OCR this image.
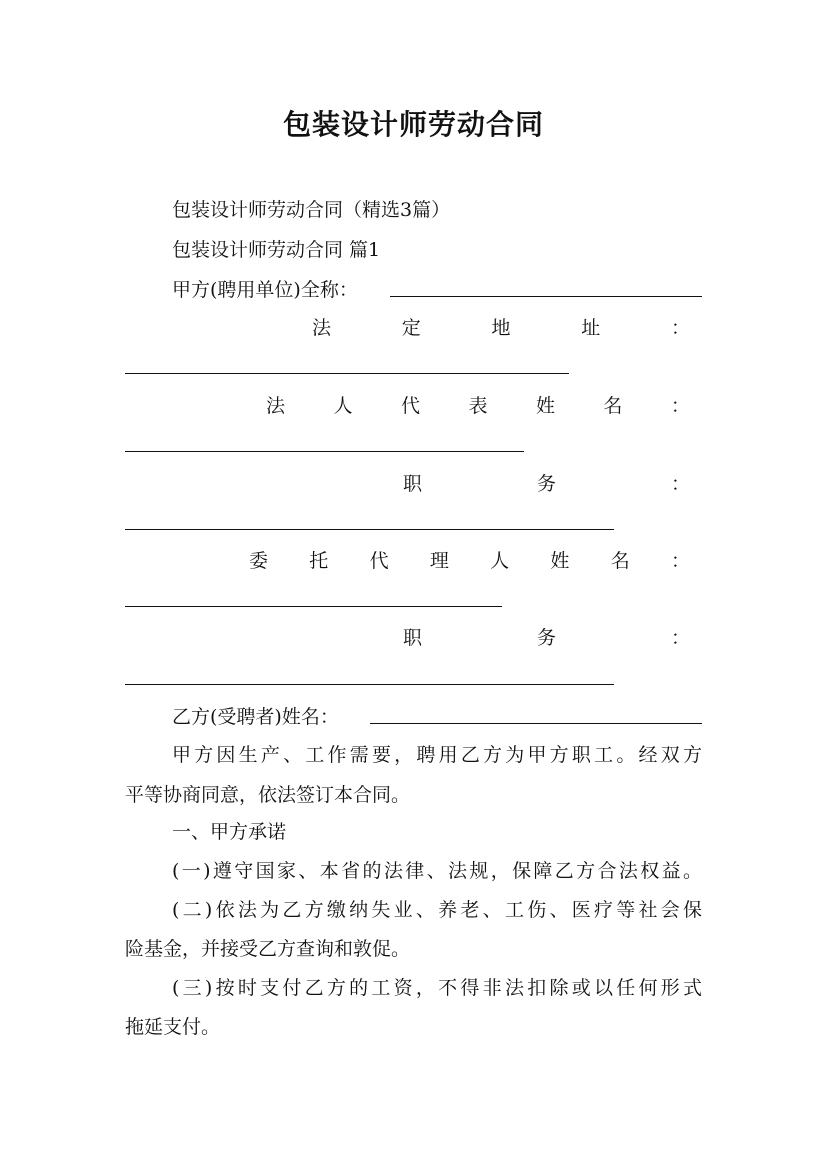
包装设计师劳动合同
包装设计师劳动合同（精选3篇）
包装设计师劳动合同 篇1
甲方(聘用单位)全称：
法	定	地	址	：
法	人	代	表	姓	名	：
职	务	：
委 托 代 理 人 姓 名 ：
职	务	：
乙方(受聘者)姓名：
甲方因生产、工作需要，聘用乙方为甲方职工。经双方
平等协商同意，依法签订本合同。
一、甲方承诺
(一)遵守国家、本省的法律、法规，保障乙方合法权益。
(二)依法为乙方缴纳失业、养老、工伤、医疗等社会保
险基金，并接受乙方查询和敦促。
(三)按时支付乙方的工资，不得非法扣除或以任何形式
拖延支付。
